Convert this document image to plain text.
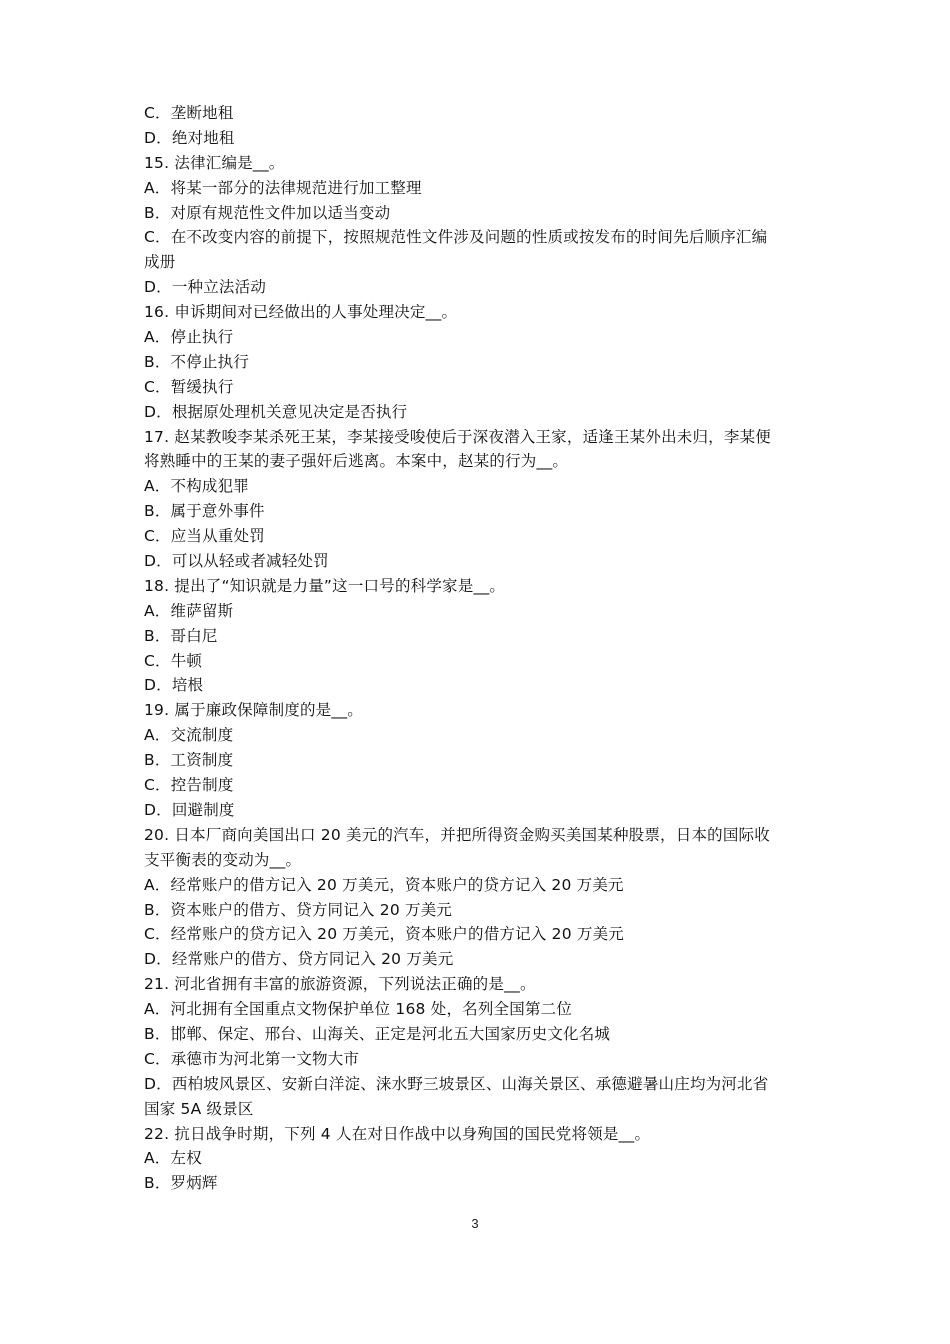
C．垄断地租
D．绝对地租
15. 法律汇编是__。
A．将某一部分的法律规范进行加工整理
B．对原有规范性文件加以适当变动
C．在不改变内容的前提下，按照规范性文件涉及问题的性质或按发布的时间先后顺序汇编
成册
D．一种立法活动
16. 申诉期间对已经做出的人事处理决定__。
A．停止执行
B．不停止执行
C．暂缓执行
D．根据原处理机关意见决定是否执行
17. 赵某教唆李某杀死王某，李某接受唆使后于深夜潜入王家，适逢王某外出未归，李某便
将熟睡中的王某的妻子强奸后逃离。本案中，赵某的行为__。
A．不构成犯罪
B．属于意外事件
C．应当从重处罚
D．可以从轻或者减轻处罚
18. 提出了“知识就是力量”这一口号的科学家是__。
A．维萨留斯
B．哥白尼
C．牛顿
D．培根
19. 属于廉政保障制度的是__。
A．交流制度
B．工资制度
C．控告制度
D．回避制度
20. 日本厂商向美国出口 20 美元的汽车，并把所得资金购买美国某种股票，日本的国际收
支平衡表的变动为__。
A．经常账户的借方记入 20 万美元，资本账户的贷方记入 20 万美元
B．资本账户的借方、贷方同记入 20 万美元
C．经常账户的贷方记入 20 万美元，资本账户的借方记入 20 万美元
D．经常账户的借方、贷方同记入 20 万美元
21. 河北省拥有丰富的旅游资源，下列说法正确的是__。
A．河北拥有全国重点文物保护单位 168 处，名列全国第二位
B．邯郸、保定、邢台、山海关、正定是河北五大国家历史文化名城
C．承德市为河北第一文物大市
D．西柏坡风景区、安新白洋淀、涞水野三坡景区、山海关景区、承德避暑山庄均为河北省
国家 5A 级景区
22. 抗日战争时期，下列 4 人在对日作战中以身殉国的国民党将领是__。
A．左权
B．罗炳辉
3
